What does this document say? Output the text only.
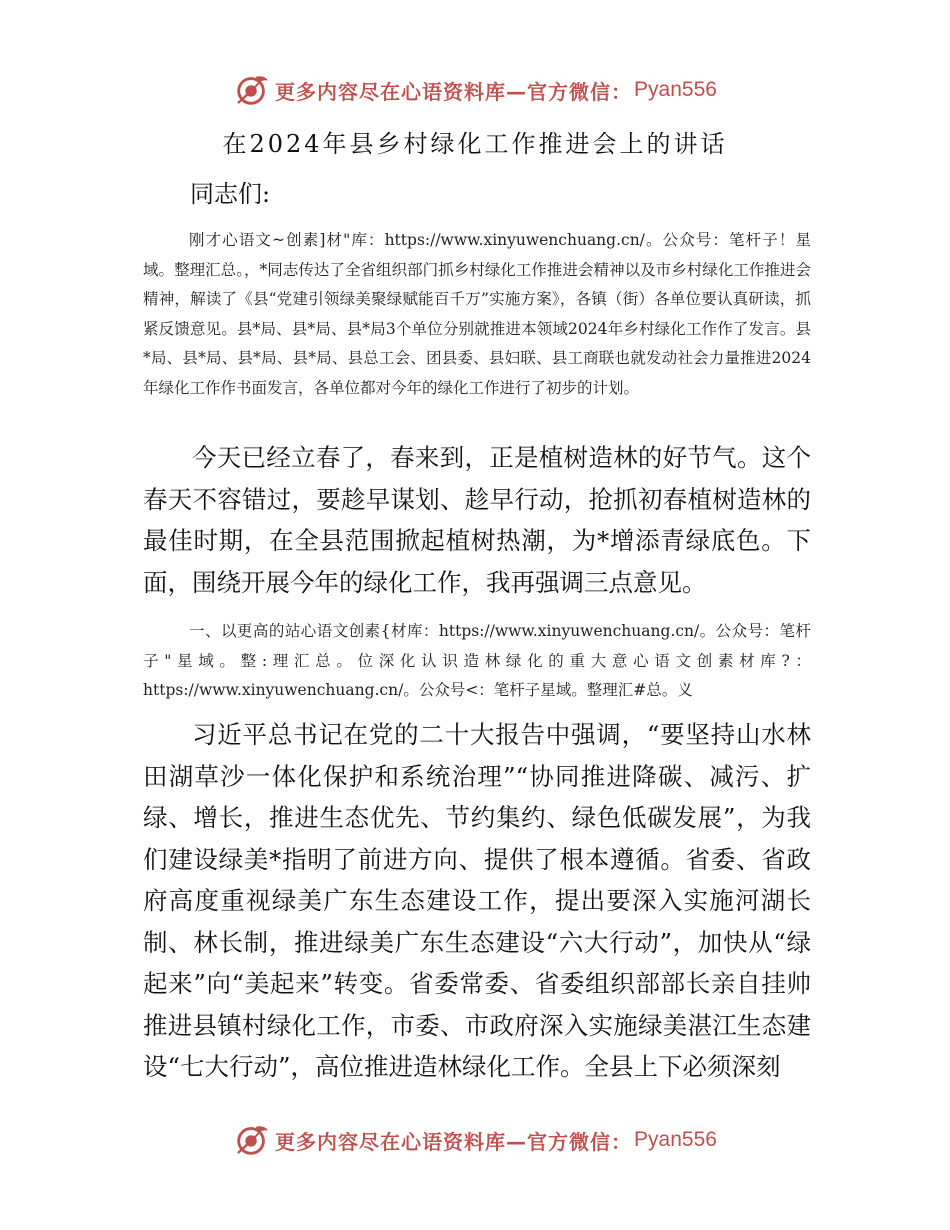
更多内容尽在心语资料库—官方微信： Pyan556
在2024年县乡村绿化工作推进会上的讲话
同志们:

刚才心语文~创素]材"库：https://www.xinyuwenchuang.cn/。公众号：笔杆子！星域。整理汇总。，*同志传达了全省组织部门抓乡村绿化工作推进会精神以及市乡村绿化工作推进会精神，解读了《县“党建引领绿美聚绿赋能百千万”实施方案》，各镇（街）各单位要认真研读，抓紧反馈意见。县*局、县*局、县*局3个单位分别就推进本领域2024年乡村绿化工作作了发言。县*局、县*局、县*局、县*局、县总工会、团县委、县妇联、县工商联也就发动社会力量推进2024年绿化工作作书面发言，各单位都对今年的绿化工作进行了初步的计划。

今天已经立春了，春来到，正是植树造林的好节气。这个春天不容错过，要趁早谋划、趁早行动，抢抓初春植树造林的最佳时期，在全县范围掀起植树热潮，为*增添青绿底色。下面，围绕开展今年的绿化工作，我再强调三点意见。

一、以更高的站心语文创素{材库：https://www.xinyuwenchuang.cn/。公众号：笔杆子"星域。整:理汇总。位深化认识造林绿化的重大意心语文创素材库?：https://www.xinyuwenchuang.cn/。公众号<：笔杆子星域。整理汇#总。义

习近平总书记在党的二十大报告中强调，“要坚持山水林田湖草沙一体化保护和系统治理”“协同推进降碳、减污、扩绿、增长，推进生态优先、节约集约、绿色低碳发展”，为我们建设绿美*指明了前进方向、提供了根本遵循。省委、省政府高度重视绿美广东生态建设工作，提出要深入实施河湖长制、林长制，推进绿美广东生态建设“六大行动”，加快从“绿起来”向“美起来”转变。省委常委、省委组织部部长亲自挂帅推进县镇村绿化工作，市委、市政府深入实施绿美湛江生态建设“七大行动”，高位推进造林绿化工作。全县上下必须深刻

更多内容尽在心语资料库—官方微信： Pyan556
